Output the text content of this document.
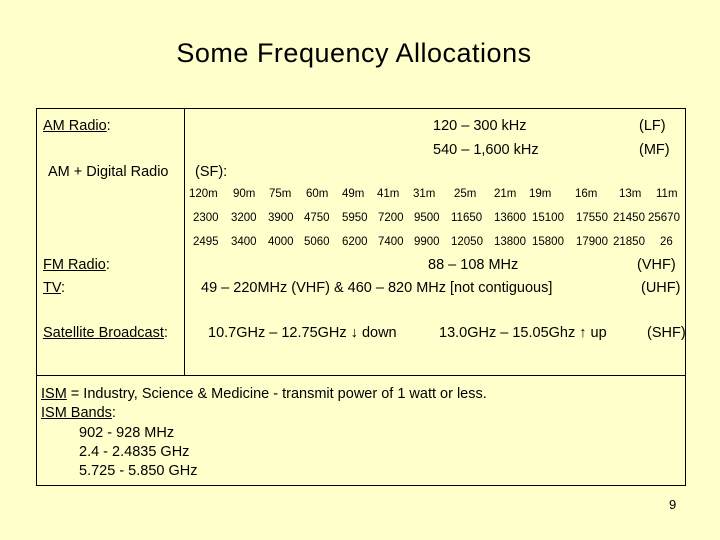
Some Frequency Allocations
AM Radio:	120 – 300 kHz	(LF)
540 – 1,600 kHz	(MF)
AM + Digital Radio (SF):
120m 90m 75m 60m 49m 41m 31m 25m 21m 19m 16m 13m 11m
2300 3200 3900 4750 5950 7200 9500 11650 13600 15100 17550 21450 25670
2495 3400 4000 5060 6200 7400 9900 12050 13800 15800 17900 21850 26
FM Radio:	88 – 108 MHz	(VHF)
TV:	49 – 220MHz (VHF) & 460 – 820 MHz [not contiguous]	(UHF)
Satellite Broadcast:	10.7GHz – 12.75GHz ↓ down	13.0GHz – 15.05Ghz ↑ up	(SHF)
ISM = Industry, Science & Medicine - transmit power of 1 watt or less.
ISM Bands:
902 - 928 MHz
2.4 - 2.4835 GHz
5.725 - 5.850 GHz
9
